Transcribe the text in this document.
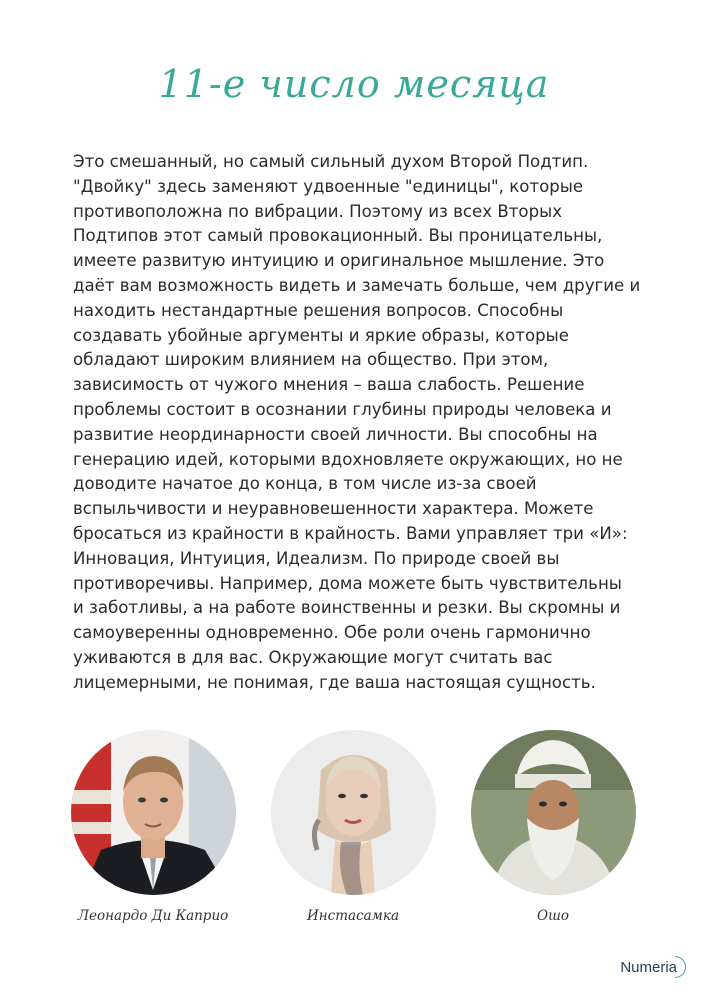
11-е число месяца
Это смешанный, но самый сильный духом Второй Подтип.
"Двойку" здесь заменяют удвоенные "единицы", которые
противоположна по вибрации. Поэтому из всех Вторых
Подтипов этот самый провокационный. Вы проницательны,
имеете развитую интуицию и оригинальное мышление. Это
даёт вам возможность видеть и замечать больше, чем другие и
находить нестандартные решения вопросов. Способны
создавать убойные аргументы и яркие образы, которые
обладают широким влиянием на общество. При этом,
зависимость от чужого мнения – ваша слабость. Решение
проблемы состоит в осознании глубины природы человека и
развитие неординарности своей личности. Вы способны на
генерацию идей, которыми вдохновляете окружающих, но не
доводите начатое до конца, в том числе из-за своей
вспыльчивости и неуравновешенности характера. Можете
бросаться из крайности в крайность. Вами управляет три «И»:
Инновация, Интуиция, Идеализм. По природе своей вы
противоречивы. Например, дома можете быть чувствительны
и заботливы, а на работе воинственны и резки. Вы скромны и
самоуверенны одновременно. Обе роли очень гармонично
уживаются в для вас. Окружающие могут считать вас
лицемерными, не понимая, где ваша настоящая сущность.
Леонардо Ди Каприо	Инстасамка	Ошо
Numeria
